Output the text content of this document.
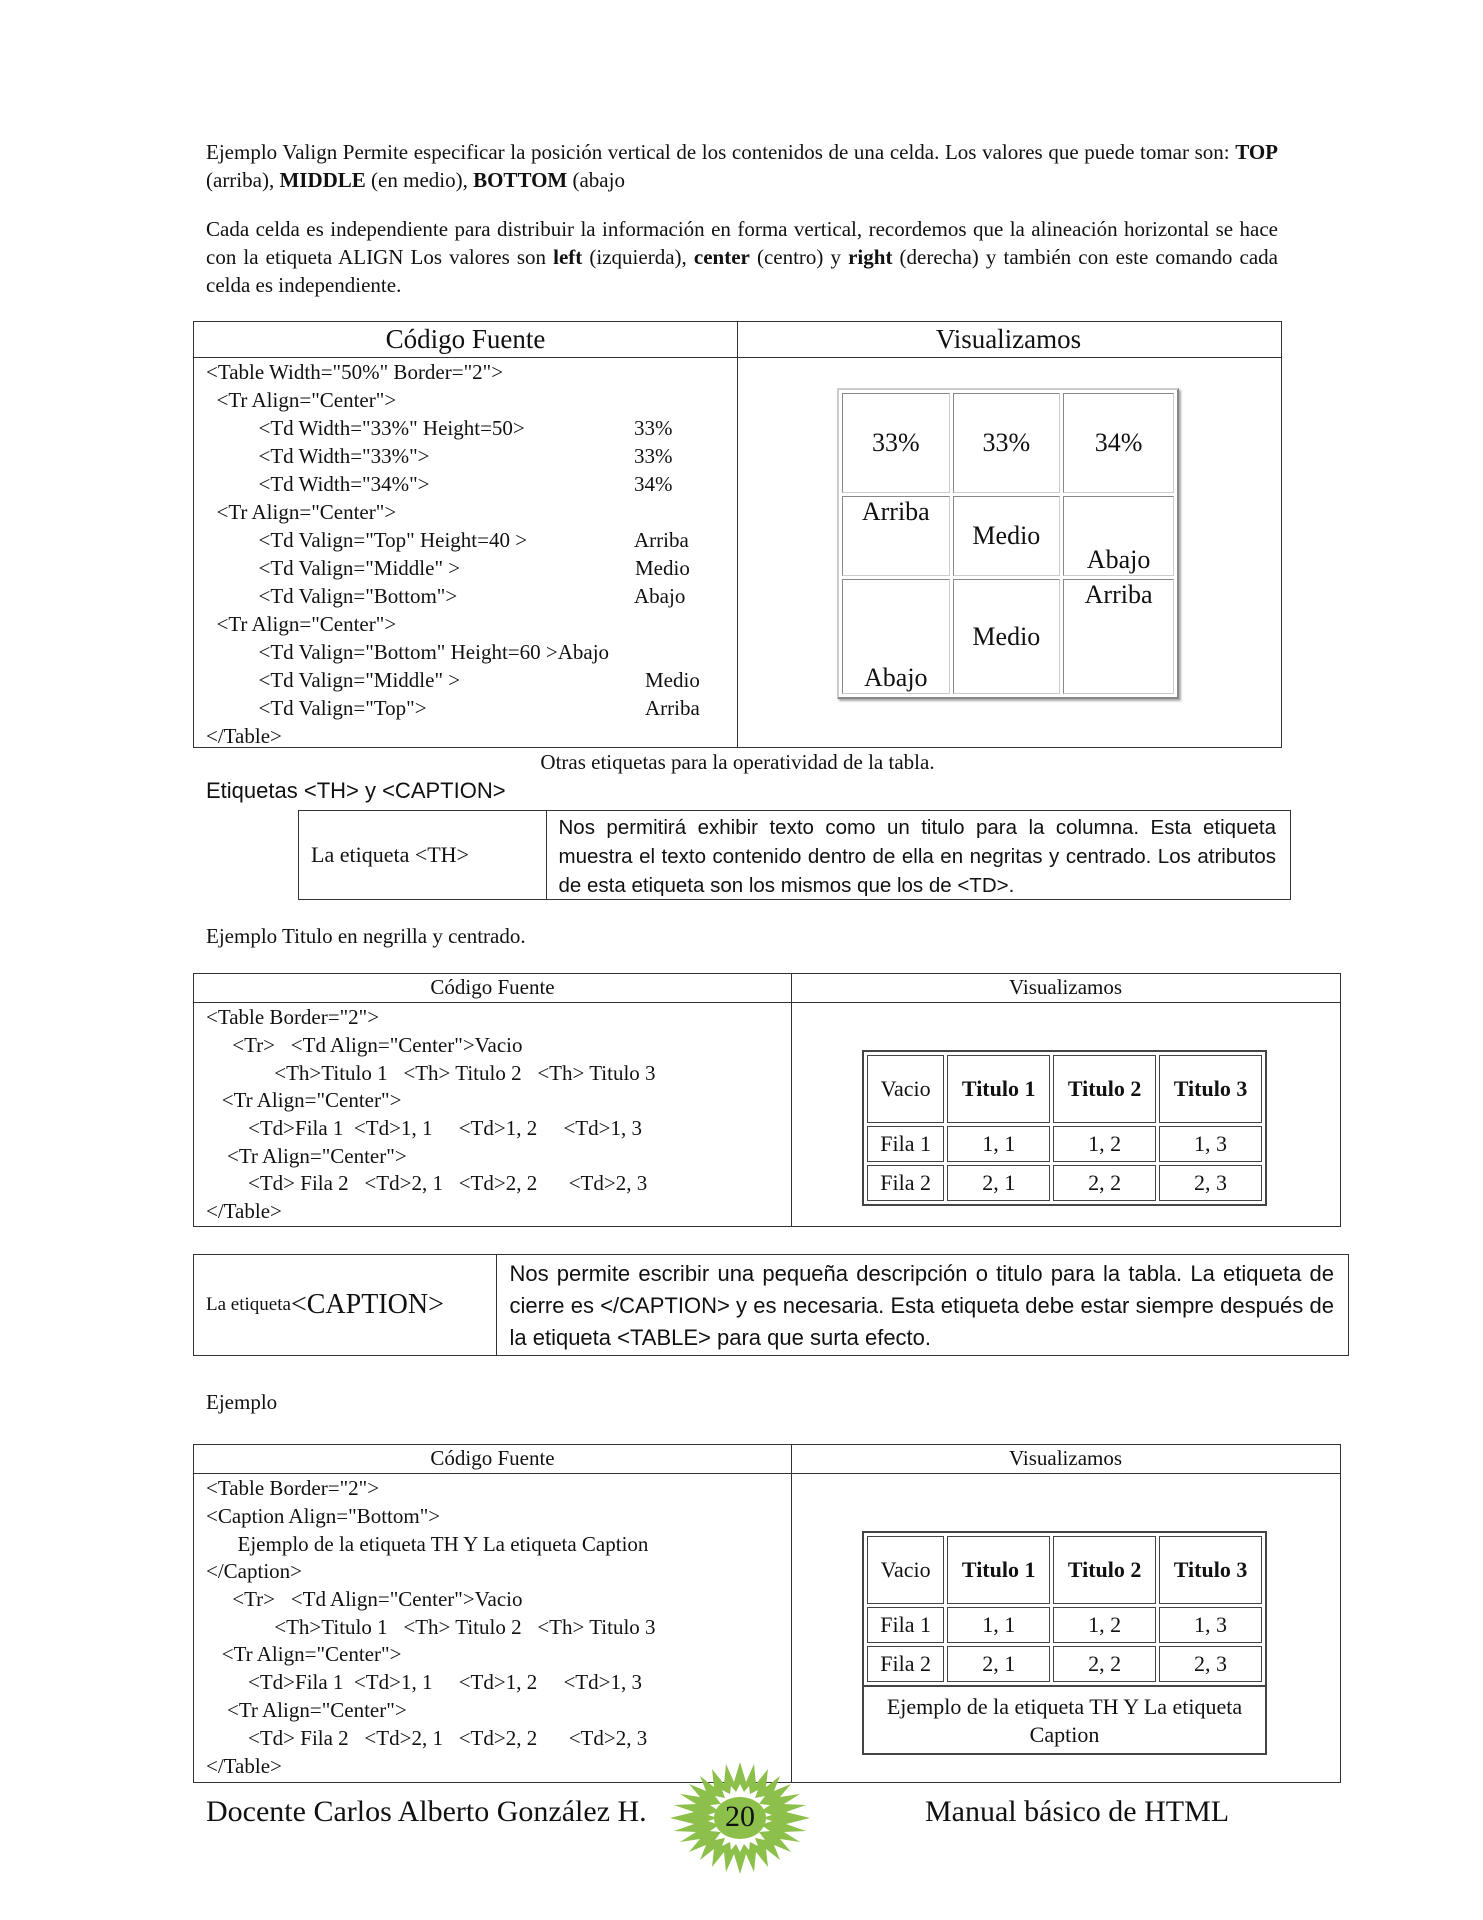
Ejemplo Valign Permite especificar la posición vertical de los contenidos de una celda. Los valores que puede tomar son: TOP (arriba), MIDDLE (en medio), BOTTOM (abajo
Cada celda es independiente para distribuir la información en forma vertical, recordemos que la alineación horizontal se hace con la etiqueta ALIGN Los valores son left (izquierda), center (centro) y right (derecha) y también con este comando cada celda es independiente.
Código Fuente	Visualizamos
<Table Width="50%" Border="2">
<Tr Align="Center">
<Td Width="33%" Height=50>	33%
<Td Width="33%">	33%
<Td Width="34%">	34%
<Tr Align="Center">
<Td Valign="Top" Height=40 >	Arriba
<Td Valign="Middle" >	Medio
<Td Valign="Bottom">	Abajo
<Tr Align="Center">
<Td Valign="Bottom" Height=60 >Abajo
<Td Valign="Middle" >	Medio
<Td Valign="Top">	Arriba
</Table>
33%	33%	34%
Arriba	Medio	Abajo
Abajo	Medio	Arriba
Otras etiquetas para la operatividad de la tabla.
Etiquetas <TH> y <CAPTION>
La etiqueta <TH>
Nos permitirá exhibir texto como un titulo para la columna. Esta etiqueta muestra el texto contenido dentro de ella en negritas y centrado. Los atributos de esta etiqueta son los mismos que los de <TD>.
Ejemplo Titulo en negrilla y centrado.
Código Fuente	Visualizamos
<Table Border="2">
<Tr>   <Td Align="Center">Vacio
<Th>Titulo 1   <Th> Titulo 2   <Th> Titulo 3
<Tr Align="Center">
<Td>Fila 1  <Td>1, 1     <Td>1, 2     <Td>1, 3
<Tr Align="Center">
<Td> Fila 2   <Td>2, 1   <Td>2, 2      <Td>2, 3
</Table>
Vacio	Titulo 1	Titulo 2	Titulo 3
Fila 1	1, 1	1, 2	1, 3
Fila 2	2, 1	2, 2	2, 3
La etiqueta <CAPTION>
Nos permite escribir una pequeña descripción o titulo para la tabla. La etiqueta de cierre es </CAPTION> y es necesaria. Esta etiqueta debe estar siempre después de la etiqueta <TABLE> para que surta efecto.
Ejemplo
Código Fuente	Visualizamos
<Table Border="2">
<Caption Align="Bottom">
Ejemplo de la etiqueta TH Y La etiqueta Caption
</Caption>
<Tr>   <Td Align="Center">Vacio
<Th>Titulo 1   <Th> Titulo 2   <Th> Titulo 3
<Tr Align="Center">
<Td>Fila 1  <Td>1, 1     <Td>1, 2     <Td>1, 3
<Tr Align="Center">
<Td> Fila 2   <Td>2, 1   <Td>2, 2      <Td>2, 3
</Table>
Ejemplo de la etiqueta TH Y La etiqueta Caption
Vacio	Titulo 1	Titulo 2	Titulo 3
Fila 1	1, 1	1, 2	1, 3
Fila 2	2, 1	2, 2	2, 3
Docente Carlos Alberto González H.	20	Manual básico de HTML
